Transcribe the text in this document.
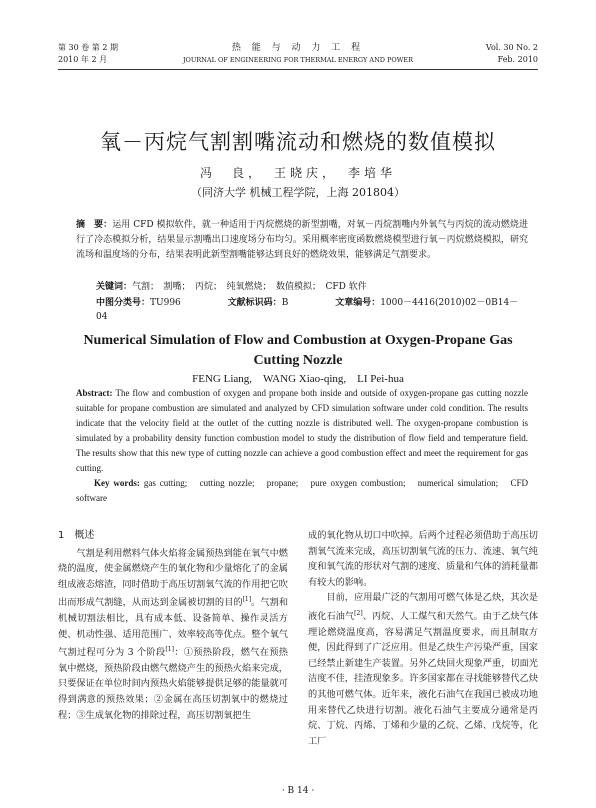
第 30 卷 第 2 期
2010 年 2 月
热 能 与 动 力 工 程
JOURNAL OF ENGINEERING FOR THERMAL ENERGY AND POWER
Vol. 30 No. 2
Feb. 2010
氧－丙烷气割割嘴流动和燃烧的数值模拟
冯　良，　王晓庆，　李培华
（同济大学 机械工程学院，上海 201804）
摘　要：运用 CFD 模拟软件，就一种适用于丙烷燃烧的新型割嘴，对氧－丙烷割嘴内外氧气与丙烷的流动燃烧进行了冷态模拟分析，结果显示割嘴出口速度场分布均匀。采用概率密度函数燃烧模型进行氧－丙烷燃烧模拟，研究流场和温度场的分布，结果表明此新型割嘴能够达到良好的燃烧效果，能够满足气割要求。
关键词：气割；　割嘴；　丙烷；　纯氧燃烧；　数值模拟；　CFD 软件
中图分类号：TU996	文献标识码：B	文章编号：1000－4416(2010)02－0B14－04
Numerical Simulation of Flow and Combustion at Oxygen-Propane Gas Cutting Nozzle
FENG Liang,　WANG Xiao-qing,　LI Pei-hua
Abstract: The flow and combustion of oxygen and propane both inside and outside of oxygen-propane gas cutting nozzle suitable for propane combustion are simulated and analyzed by CFD simulation software under cold condition. The results indicate that the velocity field at the outlet of the cutting nozzle is distributed well. The oxygen-propane combustion is simulated by a probability density function combustion model to study the distribution of flow field and temperature field. The results show that this new type of cutting nozzle can achieve a good combustion effect and meet the requirement for gas cutting.
Key words: gas cutting;　cutting nozzle;　propane;　pure oxygen combustion;　numerical simulation;　CFD software
1　概述

气割是利用燃料气体火焰将金属预热到能在氧气中燃烧的温度，使金属燃烧产生的氧化物和少量熔化了的金属组成液态熔渣，同时借助于高压切割氧气流的作用把它吹出而形成气割缝，从而达到金属被切割的目的[1]。气割和机械切割法相比，具有成本低、设备简单、操作灵活方便、机动性强、适用范围广、效率较高等优点。整个氧气气割过程可分为 3 个阶段[1]：①预热阶段，燃气在预热氧中燃烧，预热阶段由燃气燃烧产生的预热火焰来完成，只要保证在单位时间内预热火焰能够提供足够的能量就可得到满意的预热效果；②金属在高压切割氧中的燃烧过程；③生成氧化物的排除过程，高压切割氧把生

成的氧化物从切口中吹掉。后两个过程必须借助于高压切割氧气流来完成，高压切割氧气流的压力、流速、氧气纯度和氧气流的形状对气割的速度、质量和气体的消耗量都有较大的影响。

目前，应用最广泛的气割用可燃气体是乙炔，其次是液化石油气[2]、丙烷、人工煤气和天然气。由于乙炔气体理论燃烧温度高，容易满足气割温度要求，而且制取方便，因此得到了广泛应用。但是乙炔生产污染严重，国家已经禁止新建生产装置。另外乙炔回火现象严重，切面光洁度不佳，挂渣现象多。许多国家都在寻找能够替代乙炔的其他可燃气体。近年来，液化石油气在我国已被成功地用来替代乙炔进行切割。液化石油气主要成分通常是丙烷、丁烷、丙烯、丁烯和少量的乙烷、乙烯、戊烷等，化工厂

· B 14 ·
